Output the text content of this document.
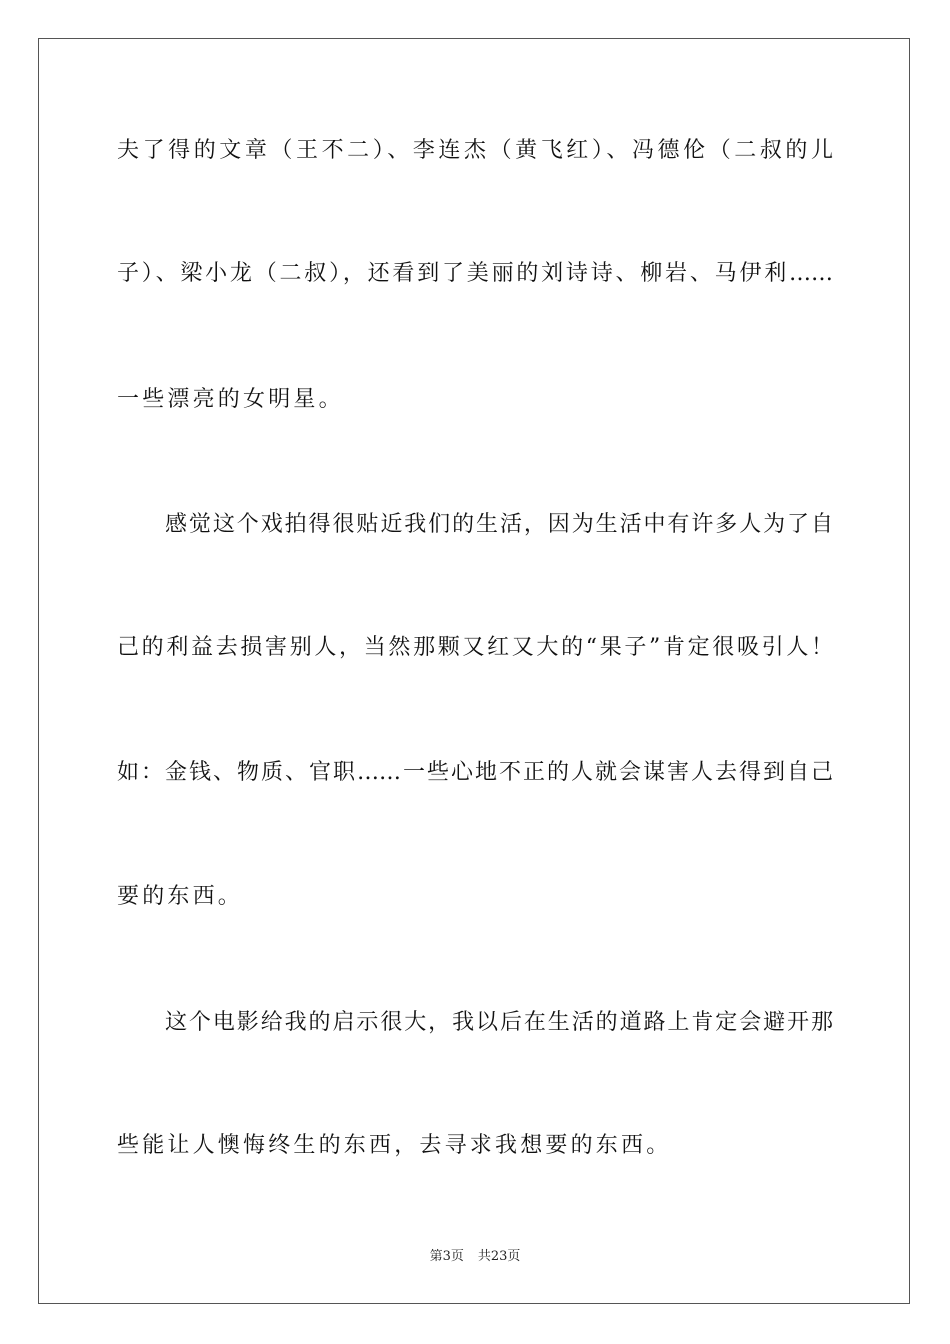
夫了得的文章（王不二）、李连杰（黄飞红）、冯德伦（二叔的儿
子）、梁小龙（二叔），还看到了美丽的刘诗诗、柳岩、马伊利……
一些漂亮的女明星。
感觉这个戏拍得很贴近我们的生活，因为生活中有许多人为了自
己的利益去损害别人，当然那颗又红又大的“果子”肯定很吸引人！
如：金钱、物质、官职……一些心地不正的人就会谋害人去得到自己
要的东西。
这个电影给我的启示很大，我以后在生活的道路上肯定会避开那
些能让人懊悔终生的东西，去寻求我想要的东西。
第3页 共23页
